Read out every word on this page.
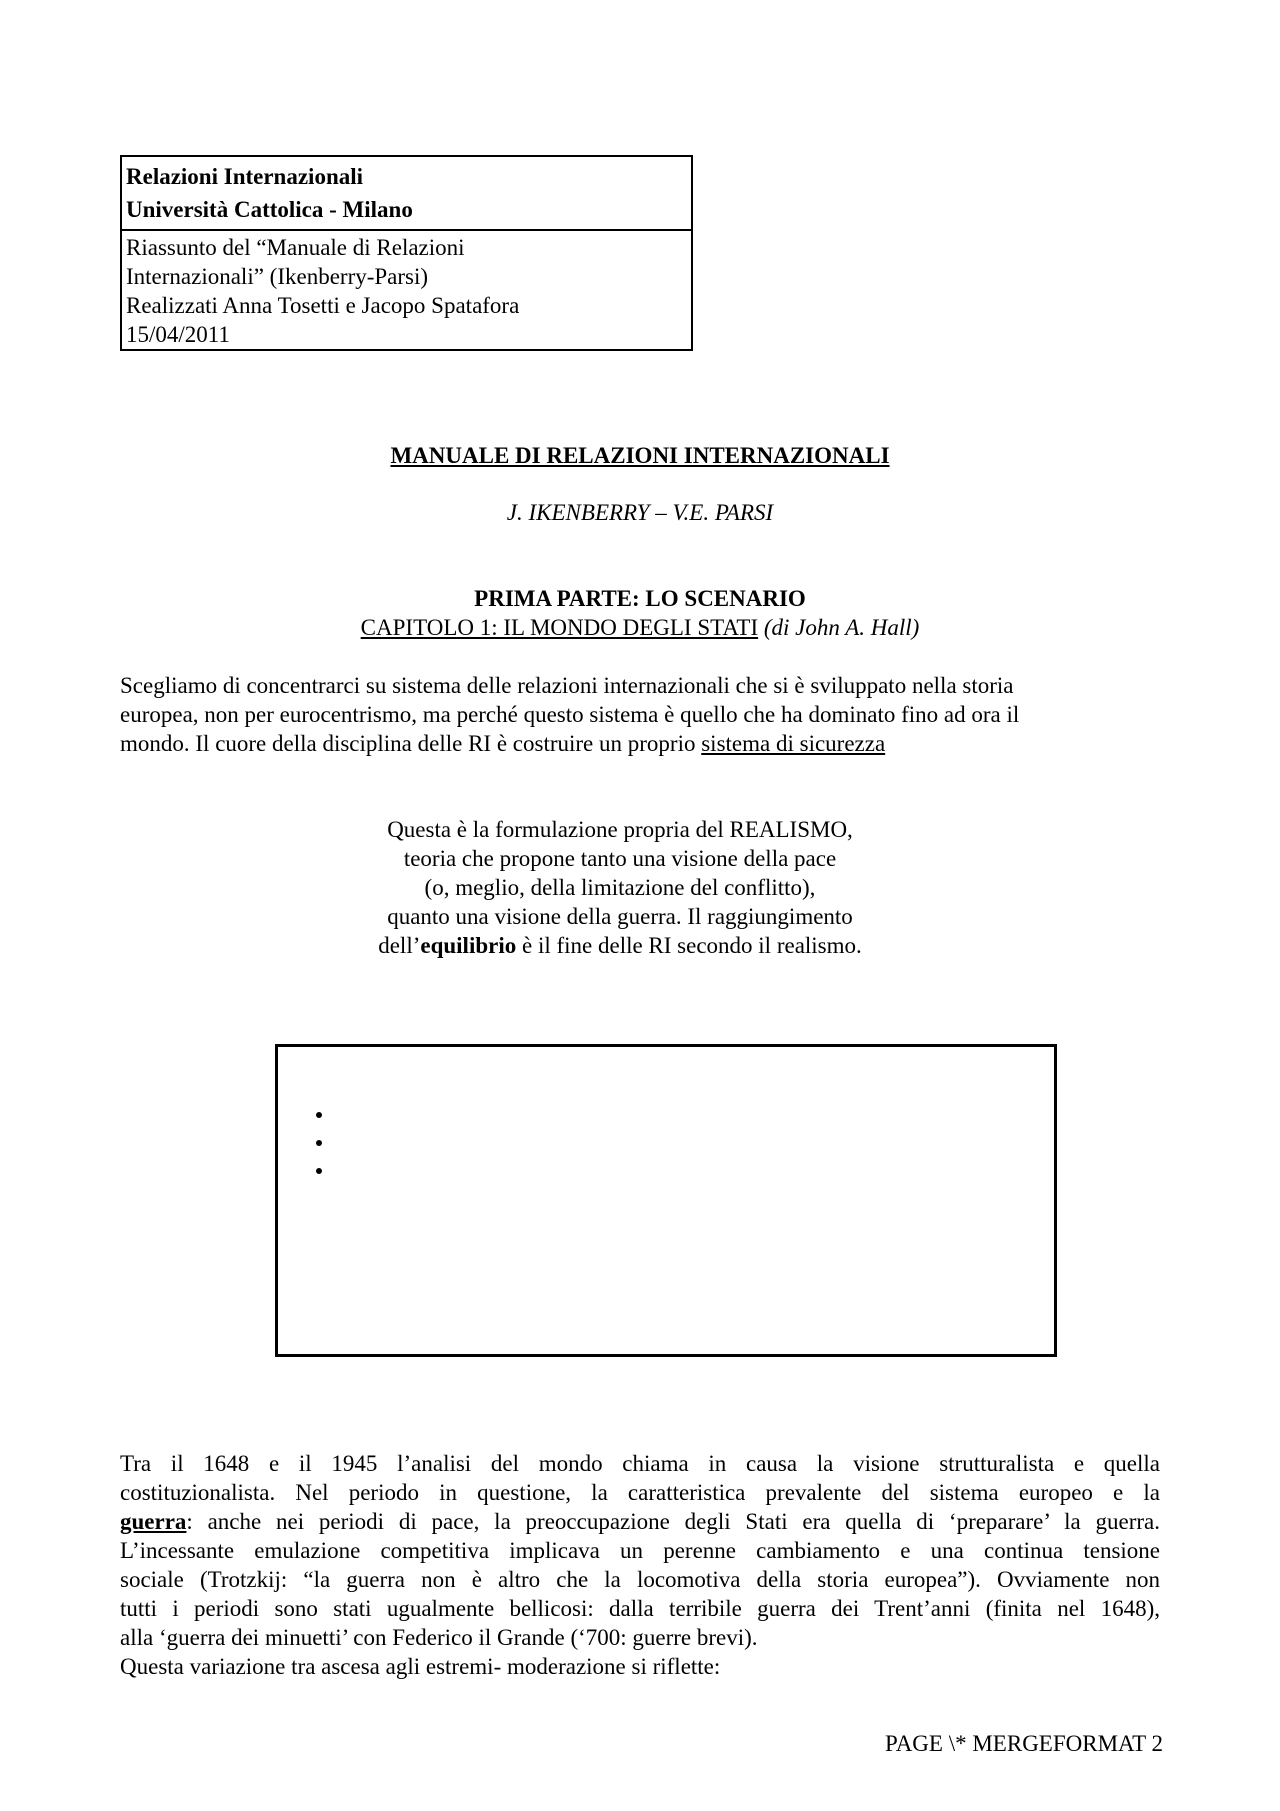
Relazioni Internazionali
Università Cattolica - Milano
Riassunto del “Manuale di Relazioni
Internazionali” (Ikenberry-Parsi)
Realizzati Anna Tosetti e Jacopo Spatafora
15/04/2011
MANUALE DI RELAZIONI INTERNAZIONALI
J. IKENBERRY – V.E. PARSI
PRIMA PARTE: LO SCENARIO
CAPITOLO 1: IL MONDO DEGLI STATI (di John A. Hall)
Scegliamo di concentrarci su sistema delle relazioni internazionali che si è sviluppato nella storia
europea, non per eurocentrismo, ma perché questo sistema è quello che ha dominato fino ad ora il
mondo. Il cuore della disciplina delle RI è costruire un proprio sistema di sicurezza
Questa è la formulazione propria del REALISMO,
teoria che propone tanto una visione della pace
(o, meglio, della limitazione del conflitto),
quanto una visione della guerra. Il raggiungimento
dell’equilibrio è il fine delle RI secondo il realismo.
Tra il 1648 e il 1945 l’analisi del mondo chiama in causa la visione strutturalista e quella
costituzionalista. Nel periodo in questione, la caratteristica prevalente del sistema europeo e la
guerra: anche nei periodi di pace, la preoccupazione degli Stati era quella di ‘preparare’ la guerra.
L’incessante emulazione competitiva implicava un perenne cambiamento e una continua tensione
sociale (Trotzkij: “la guerra non è altro che la locomotiva della storia europea”). Ovviamente non
tutti i periodi sono stati ugualmente bellicosi: dalla terribile guerra dei Trent’anni (finita nel 1648),
alla ‘guerra dei minuetti’ con Federico il Grande (‘700: guerre brevi).
Questa variazione tra ascesa agli estremi- moderazione si riflette:
PAGE \* MERGEFORMAT 2
